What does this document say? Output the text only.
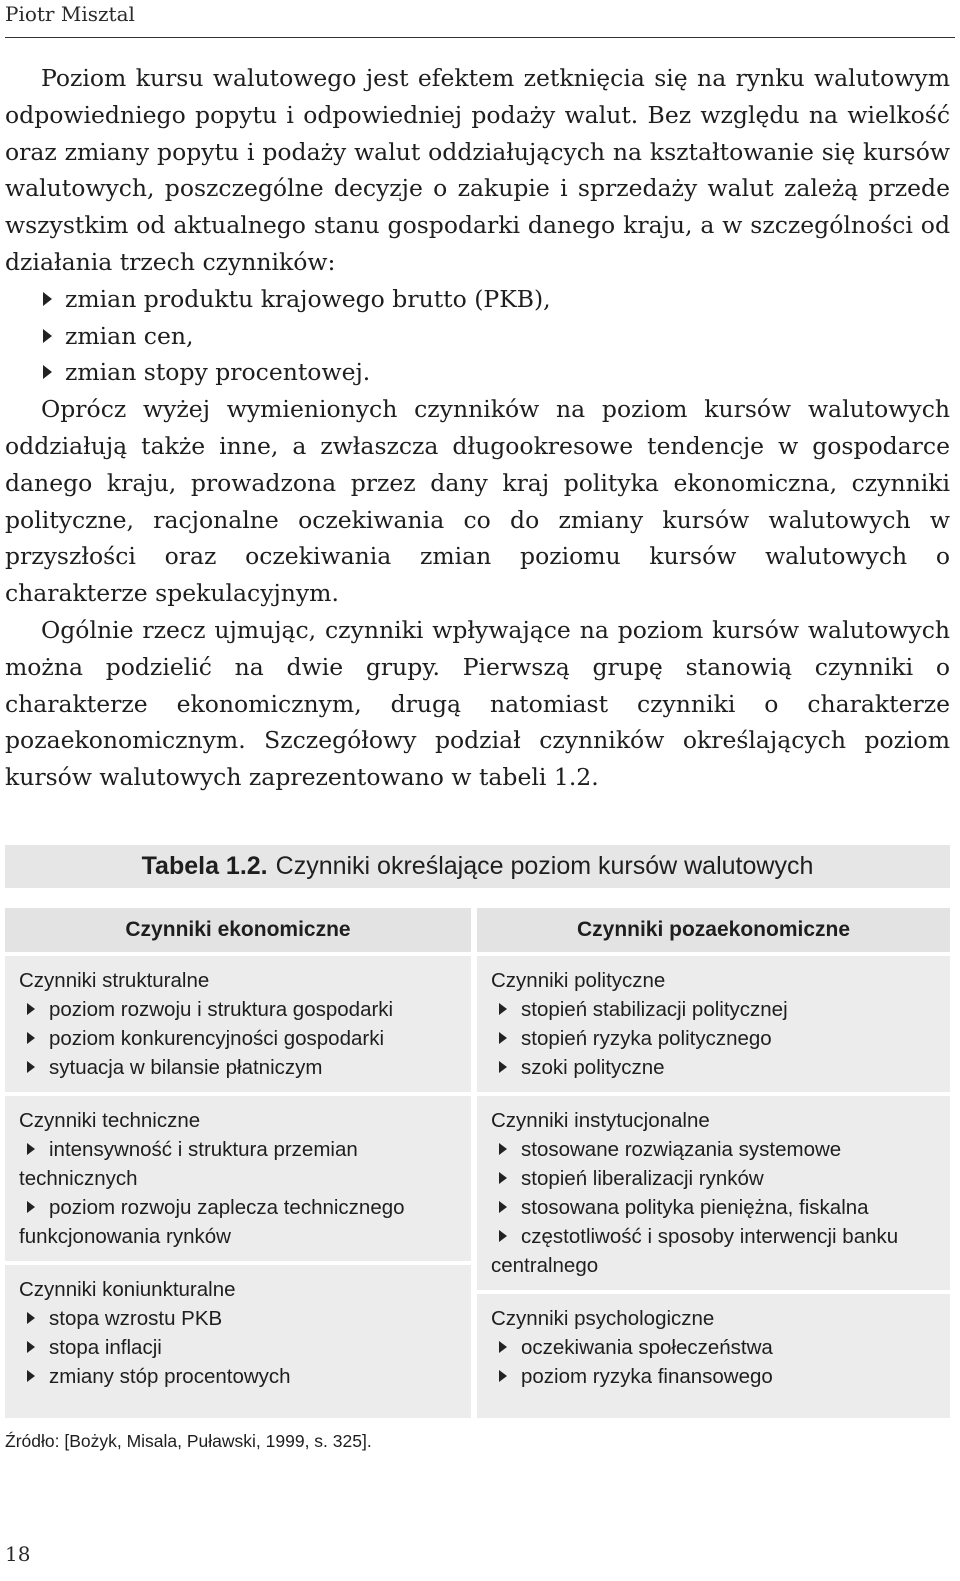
Piotr Misztal

Poziom kursu walutowego jest efektem zetknięcia się na rynku walutowym odpowiedniego popytu i odpowiedniej podaży walut. Bez względu na wielkość oraz zmiany popytu i podaży walut oddziałujących na kształtowanie się kursów walutowych, poszczególne decyzje o zakupie i sprzedaży walut zależą przede wszystkim od aktualnego stanu gospodarki danego kraju, a w szczególności od działania trzech czynników:

zmian produktu krajowego brutto (PKB),
zmian cen,
zmian stopy procentowej.

Oprócz wyżej wymienionych czynników na poziom kursów walutowych oddziałują także inne, a zwłaszcza długookresowe tendencje w gospodarce danego kraju, prowadzona przez dany kraj polityka ekonomiczna, czynniki polityczne, racjonalne oczekiwania co do zmiany kursów walutowych w przyszłości oraz oczekiwania zmian poziomu kursów walutowych o charakterze spekulacyjnym.

Ogólnie rzecz ujmując, czynniki wpływające na poziom kursów walutowych można podzielić na dwie grupy. Pierwszą grupę stanowią czynniki o charakterze ekonomicznym, drugą natomiast czynniki o charakterze pozaekonomicznym. Szczegółowy podział czynników określających poziom kursów walutowych zaprezentowano w tabeli 1.2.

Tabela 1.2. Czynniki określające poziom kursów walutowych
Czynniki ekonomiczne
Czynniki strukturalne
poziom rozwoju i struktura gospodarki
poziom konkurencyjności gospodarki
sytuacja w bilansie płatniczym
Czynniki techniczne
intensywność i struktura przemian technicznych
poziom rozwoju zaplecza technicznego funkcjonowania rynków
Czynniki koniunkturalne
stopa wzrostu PKB
stopa inflacji
zmiany stóp procentowych
Czynniki pozaekonomiczne
Czynniki polityczne
stopień stabilizacji politycznej
stopień ryzyka politycznego
szoki polityczne
Czynniki instytucjonalne
stosowane rozwiązania systemowe
stopień liberalizacji rynków
stosowana polityka pieniężna, fiskalna
częstotliwość i sposoby interwencji banku centralnego
Czynniki psychologiczne
oczekiwania społeczeństwa
poziom ryzyka finansowego
Źródło: [Bożyk, Misala, Puławski, 1999, s. 325].
18
